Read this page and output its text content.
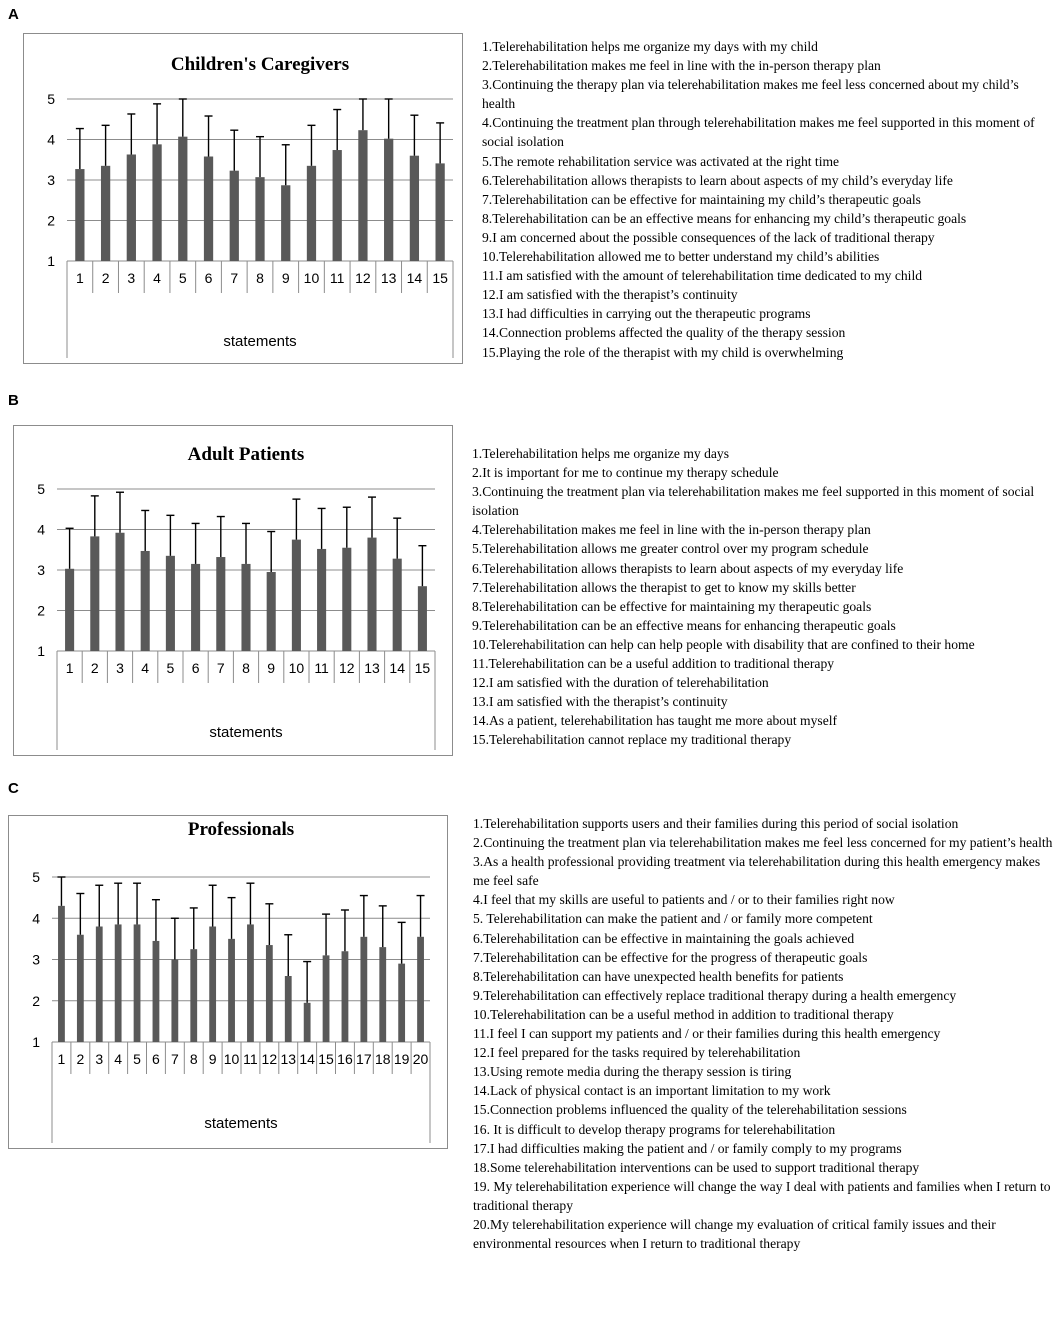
A
B
C
Children's Caregivers
1
2
3
4
5
1 2 3 4 5 6 7 8 9 10 11 12 13 14 15
statements
Adult Patients
1
2
3
4
5
1 2 3 4 5 6 7 8 9 10 11 12 13 14 15
statements
Professionals
1
2
3
4
5
1 2 3 4 5 6 7 8 9 10 11 12 13 14 15 16 17 18 19 20
statements
1.Telerehabilitation helps me organize my days with my child
2.Telerehabilitation makes me feel in line with the in-person therapy plan
3.Continuing the therapy plan via telerehabilitation makes me feel less concerned about my child’s health
4.Continuing the treatment plan through telerehabilitation makes me feel supported in this moment of social isolation
5.The remote rehabilitation service was activated at the right time
6.Telerehabilitation allows therapists to learn about aspects of my child’s everyday life
7.Telerehabilitation can be effective for maintaining my child’s therapeutic goals
8.Telerehabilitation can be an effective means for enhancing my child’s therapeutic goals
9.I am concerned about the possible consequences of the lack of traditional therapy
10.Telerehabilitation allowed me to better understand my child’s abilities
11.I am satisfied with the amount of telerehabilitation time dedicated to my child
12.I am satisfied with the therapist’s continuity
13.I had difficulties in carrying out the therapeutic programs
14.Connection problems affected the quality of the therapy session
15.Playing the role of the therapist with my child is overwhelming
1.Telerehabilitation helps me organize my days
2.It is important for me to continue my therapy schedule
3.Continuing the treatment plan via telerehabilitation makes me feel supported in this moment of social isolation
4.Telerehabilitation makes me feel in line with the in-person therapy plan
5.Telerehabilitation allows me greater control over my program schedule
6.Telerehabilitation allows therapists to learn about aspects of my everyday life
7.Telerehabilitation allows the therapist to get to know my skills better
8.Telerehabilitation can be effective for maintaining my therapeutic goals
9.Telerehabilitation can be an effective means for enhancing therapeutic goals
10.Telerehabilitation can help can help people with disability that are confined to their home
11.Telerehabilitation can be a useful addition to traditional therapy
12.I am satisfied with the duration of telerehabilitation
13.I am satisfied with the therapist’s continuity
14.As a patient, telerehabilitation has taught me more about myself
15.Telerehabilitation cannot replace my traditional therapy
1.Telerehabilitation supports users and their families during this period of social isolation
2.Continuing the treatment plan via telerehabilitation makes me feel less concerned for my patient’s health
3.As a health professional providing treatment via telerehabilitation during this health emergency makes me feel safe
4.I feel that my skills are useful to patients and / or to their families right now
5. Telerehabilitation can make the patient and / or family more competent
6.Telerehabilitation can be effective in maintaining the goals achieved
7.Telerehabilitation can be effective for the progress of therapeutic goals
8.Telerehabilitation can have unexpected health benefits for patients
9.Telerehabilitation can effectively replace traditional therapy during a health emergency
10.Telerehabilitation can be a useful method in addition to traditional therapy
11.I feel I can support my patients and / or their families during this health emergency
12.I feel prepared for the tasks required by telerehabilitation
13.Using remote media during the therapy session is tiring
14.Lack of physical contact is an important limitation to my work
15.Connection problems influenced the quality of the telerehabilitation sessions
16. It is difficult to develop therapy programs for telerehabilitation
17.I had difficulties making the patient and / or family comply to my programs
18.Some telerehabilitation interventions can be used to support traditional therapy
19. My telerehabilitation experience will change the way I deal with patients and families when I return to traditional therapy
20.My telerehabilitation experience will change my evaluation of critical family issues and their environmental resources when I return to traditional therapy
